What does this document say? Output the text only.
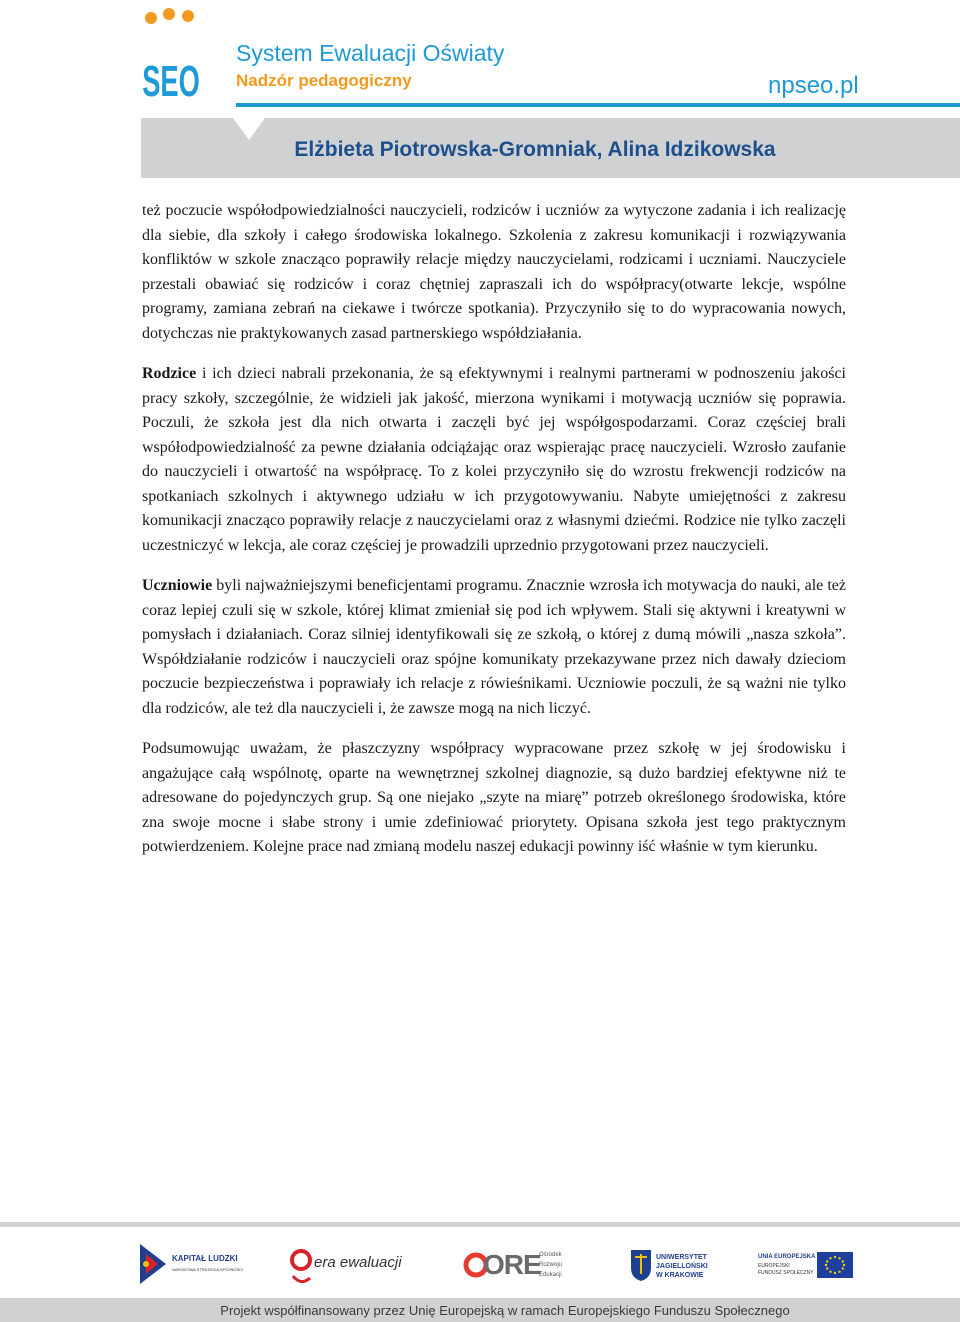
SEO
System Ewaluacji Oświaty
Nadzór pedagogiczny	npseo.pl
Elżbieta Piotrowska-Gromniak, Alina Idzikowska

też poczucie współodpowiedzialności nauczycieli, rodziców i uczniów za wytyczone zadania i ich realizację dla siebie, dla szkoły i całego środowiska lokalnego. Szkolenia z zakresu komunikacji i rozwiązywania konfliktów w szkole znacząco poprawiły relacje między nauczycielami, rodzicami i uczniami. Nauczyciele przestali obawiać się rodziców i coraz chętniej zapraszali ich do współpracy(otwarte lekcje, wspólne programy, zamiana zebrań na ciekawe i twórcze spotkania). Przyczyniło się to do wypracowania nowych, dotychczas nie praktykowanych zasad partnerskiego współdziałania.

Rodzice i ich dzieci nabrali przekonania, że są efektywnymi i realnymi partnerami w podnoszeniu jakości pracy szkoły, szczególnie, że widzieli jak jakość, mierzona wynikami i motywacją uczniów się poprawia. Poczuli, że szkoła jest dla nich otwarta i zaczęli być jej współgospodarzami. Coraz częściej brali współodpowiedzialność za pewne działania odciążając oraz wspierając pracę nauczycieli. Wzrosło zaufanie do nauczycieli i otwartość na współpracę. To z kolei przyczyniło się do wzrostu frekwencji rodziców na spotkaniach szkolnych i aktywnego udziału w ich przygotowywaniu. Nabyte umiejętności z zakresu komunikacji znacząco poprawiły relacje z nauczycielami oraz z własnymi dziećmi. Rodzice nie tylko zaczęli uczestniczyć w lekcja, ale coraz częściej je prowadzili uprzednio przygotowani przez nauczycieli.

Uczniowie byli najważniejszymi beneficjentami programu. Znacznie wzrosła ich motywacja do nauki, ale też coraz lepiej czuli się w szkole, której klimat zmieniał się pod ich wpływem. Stali się aktywni i kreatywni w pomysłach i działaniach. Coraz silniej identyfikowali się ze szkołą, o której z dumą mówili „nasza szkoła”. Współdziałanie rodziców i nauczycieli oraz spójne komunikaty przekazywane przez nich dawały dzieciom poczucie bezpieczeństwa i poprawiały ich relacje z rówieśnikami. Uczniowie poczuli, że są ważni nie tylko dla rodziców, ale też dla nauczycieli i, że zawsze mogą na nich liczyć.

Podsumowując uważam, że płaszczyzny współpracy wypracowane przez szkołę w jej środowisku i angażujące całą wspólnotę, oparte na wewnętrznej szkolnej diagnozie, są dużo bardziej efektywne niż te adresowane do pojedynczych grup. Są one niejako „szyte na miarę” potrzeb określonego środowiska, które zna swoje mocne i słabe strony i umie zdefiniować priorytety. Opisana szkoła jest tego praktycznym potwierdzeniem. Kolejne prace nad zmianą modelu naszej edukacji powinny iść właśnie w tym kierunku.

KAPITAŁ LUDZKI
NARODOWA STRATEGIA SPÓJNOŚCI	era ewaluacji	ORE
Ośrodek
Rozwoju
Edukacji
UNIWERSYTET
JAGIELLOŃSKI
W KRAKOWIE
UNIA EUROPEJSKA
EUROPEJSKI
FUNDUSZ SPOŁECZNY
Projekt współfinansowany przez Unię Europejską w ramach Europejskiego Funduszu Społecznego
